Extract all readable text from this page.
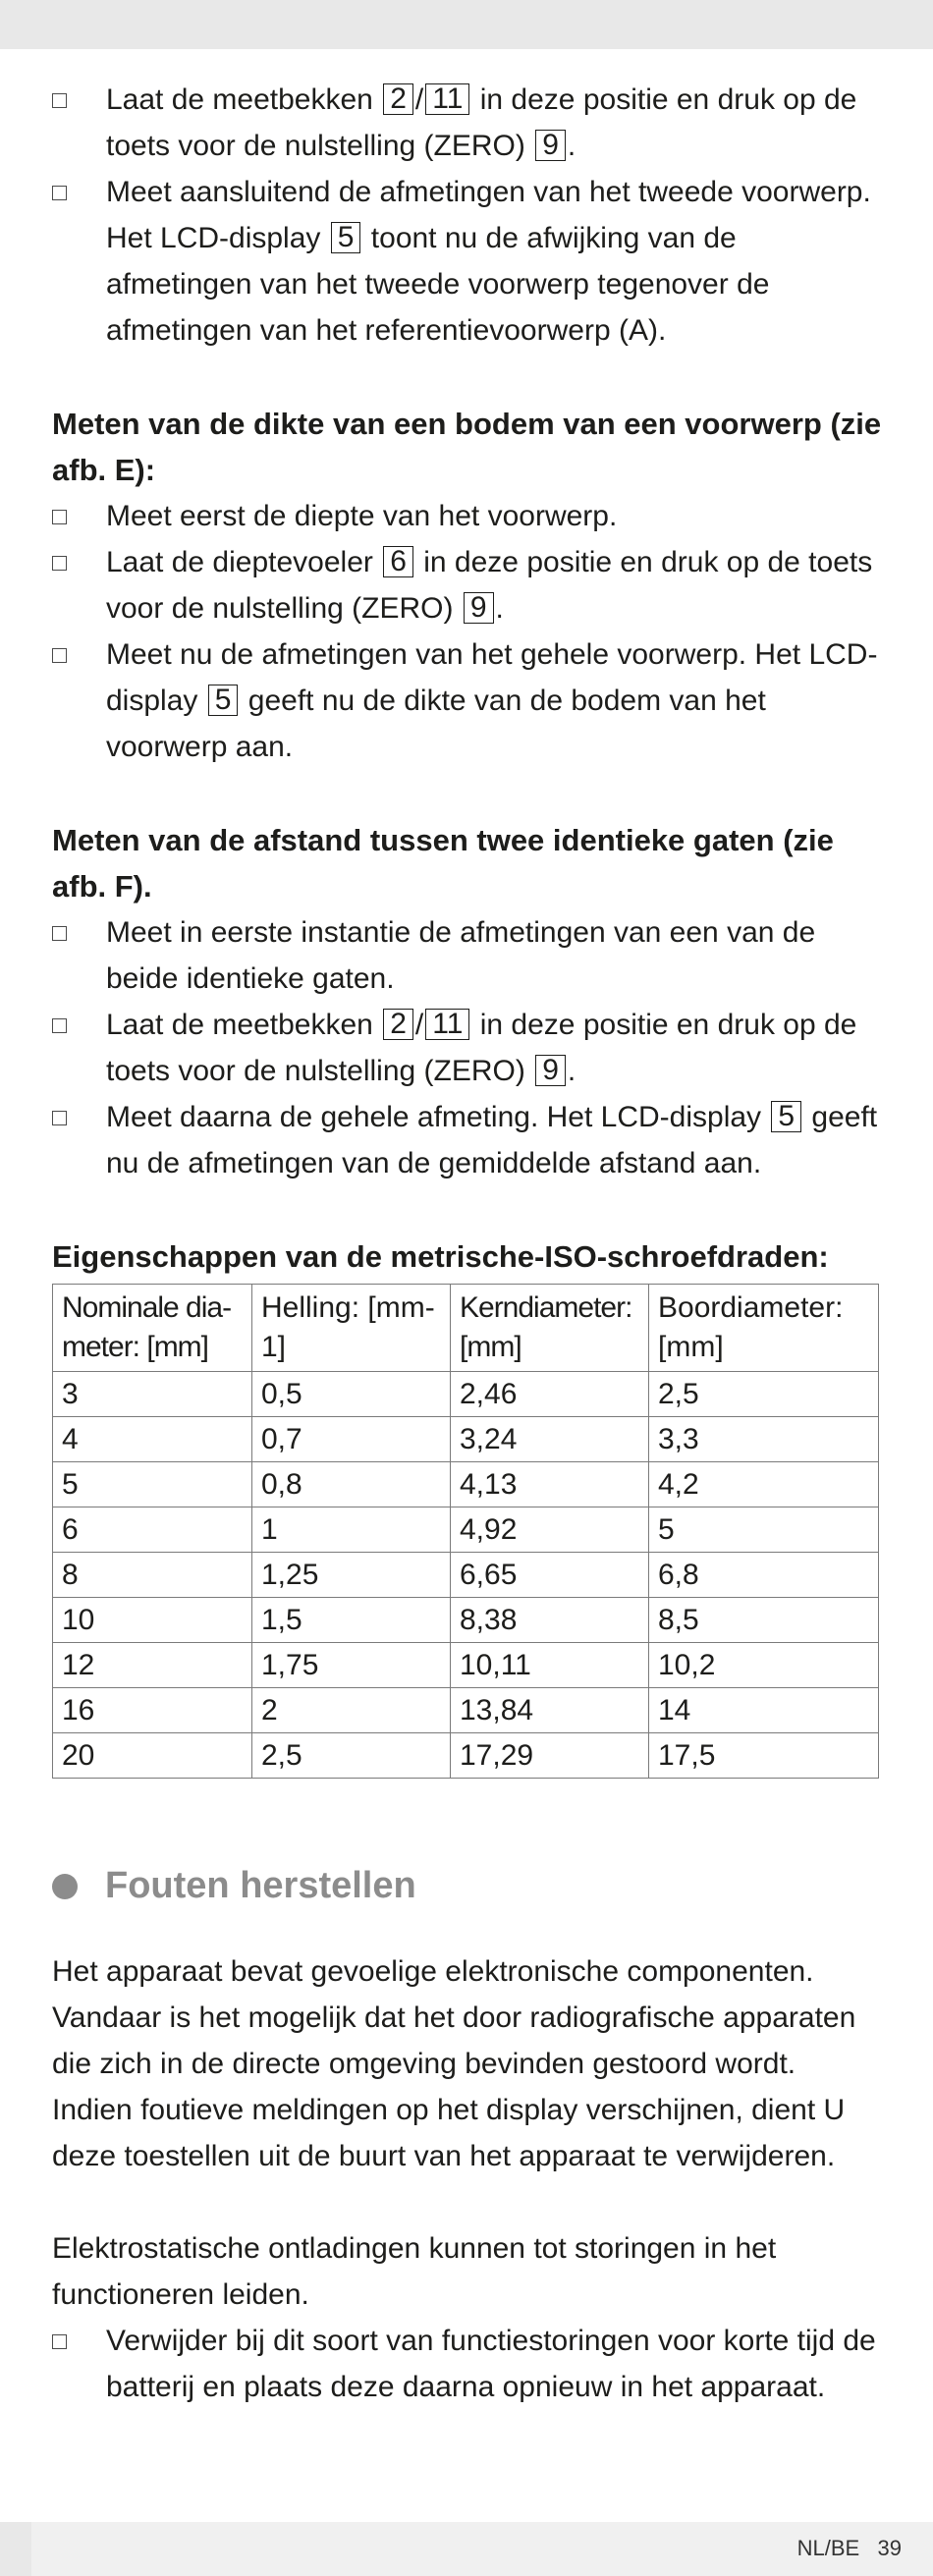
Laat de meetbekken 2 / 11 in deze positie en druk op de toets voor de nulstelling (ZERO) 9 .
Meet aansluitend de afmetingen van het tweede voorwerp. Het LCD-display 5 toont nu de afwijking van de afmetingen van het tweede voorwerp tegenover de afmetingen van het referentievoorwerp (A).
Meten van de dikte van een bodem van een voorwerp (zie afb. E):
Meet eerst de diepte van het voorwerp.
Laat de dieptevoeler 6 in deze positie en druk op de toets voor de nulstelling (ZERO) 9 .
Meet nu de afmetingen van het gehele voorwerp. Het LCD-display 5 geeft nu de dikte van de bodem van het voorwerp aan.
Meten van de afstand tussen twee identieke gaten (zie afb. F).
Meet in eerste instantie de afmetingen van een van de beide identieke gaten.
Laat de meetbekken 2 / 11 in deze positie en druk op de toets voor de nulstelling (ZERO) 9 .
Meet daarna de gehele afmeting. Het LCD-display 5 geeft nu de afmetingen van de gemiddelde afstand aan.
Eigenschappen van de metrische-ISO-schroefdraden:
Nominale dia-meter: [mm]	Helling: [mm-1]	Kerndiameter: [mm]	Boordiameter: [mm]
3	0,5	2,46	2,5
4	0,7	3,24	3,3
5	0,8	4,13	4,2
6	1	4,92	5
8	1,25	6,65	6,8
10	1,5	8,38	8,5
12	1,75	10,11	10,2
16	2	13,84	14
20	2,5	17,29	17,5
Fouten herstellen
Het apparaat bevat gevoelige elektronische componenten. Vandaar is het mogelijk dat het door radiografische apparaten die zich in de directe omgeving bevinden gestoord wordt. Indien foutieve meldingen op het display verschijnen, dient U deze toestellen uit de buurt van het apparaat te verwijderen.
Elektrostatische ontladingen kunnen tot storingen in het functioneren leiden.
Verwijder bij dit soort van functiestoringen voor korte tijd de batterij en plaats deze daarna opnieuw in het apparaat.
NL/BE   39
